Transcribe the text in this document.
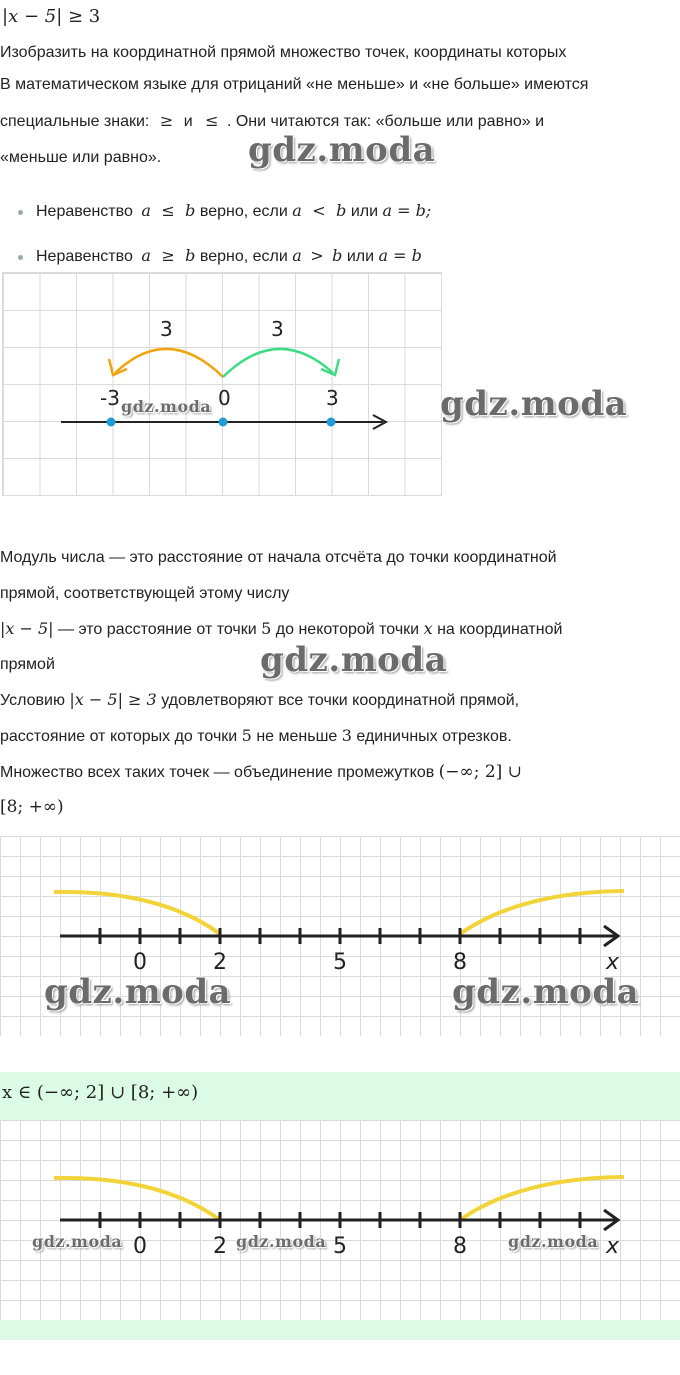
|x − 5| ≥ 3
Изобразить на координатной прямой множество точек, координаты которых
В математическом языке для отрицаний «не меньше» и «не больше» имеются
специальные знаки: ≥ и ≤ . Они читаются так: «больше или равно» и
«меньше или равно».	gdz.moda
Неравенство a ≤ b верно, если a < b или a = b;
Неравенство a ≥ b верно, если a > b или a = b
3	3
-3	0	3
gdz.moda	gdz.moda
Модуль числа — это расстояние от начала отсчёта до точки координатной
прямой, соответствующей этому числу
|x − 5| — это расстояние от точки 5 до некоторой точки x на координатной
прямой	gdz.moda
Условию |x − 5| ≥ 3 удовлетворяют все точки координатной прямой,
расстояние от которых до точки 5 не меньше 3 единичных отрезков.
Множество всех таких точек — объединение промежутков (−∞; 2] ∪
[8; +∞)
0	2	5	8	x
gdz.moda	gdz.moda
x ∈ (−∞; 2] ∪ [8; +∞)
0	2	5	8	x
gdz.moda	gdz.moda	gdz.moda
